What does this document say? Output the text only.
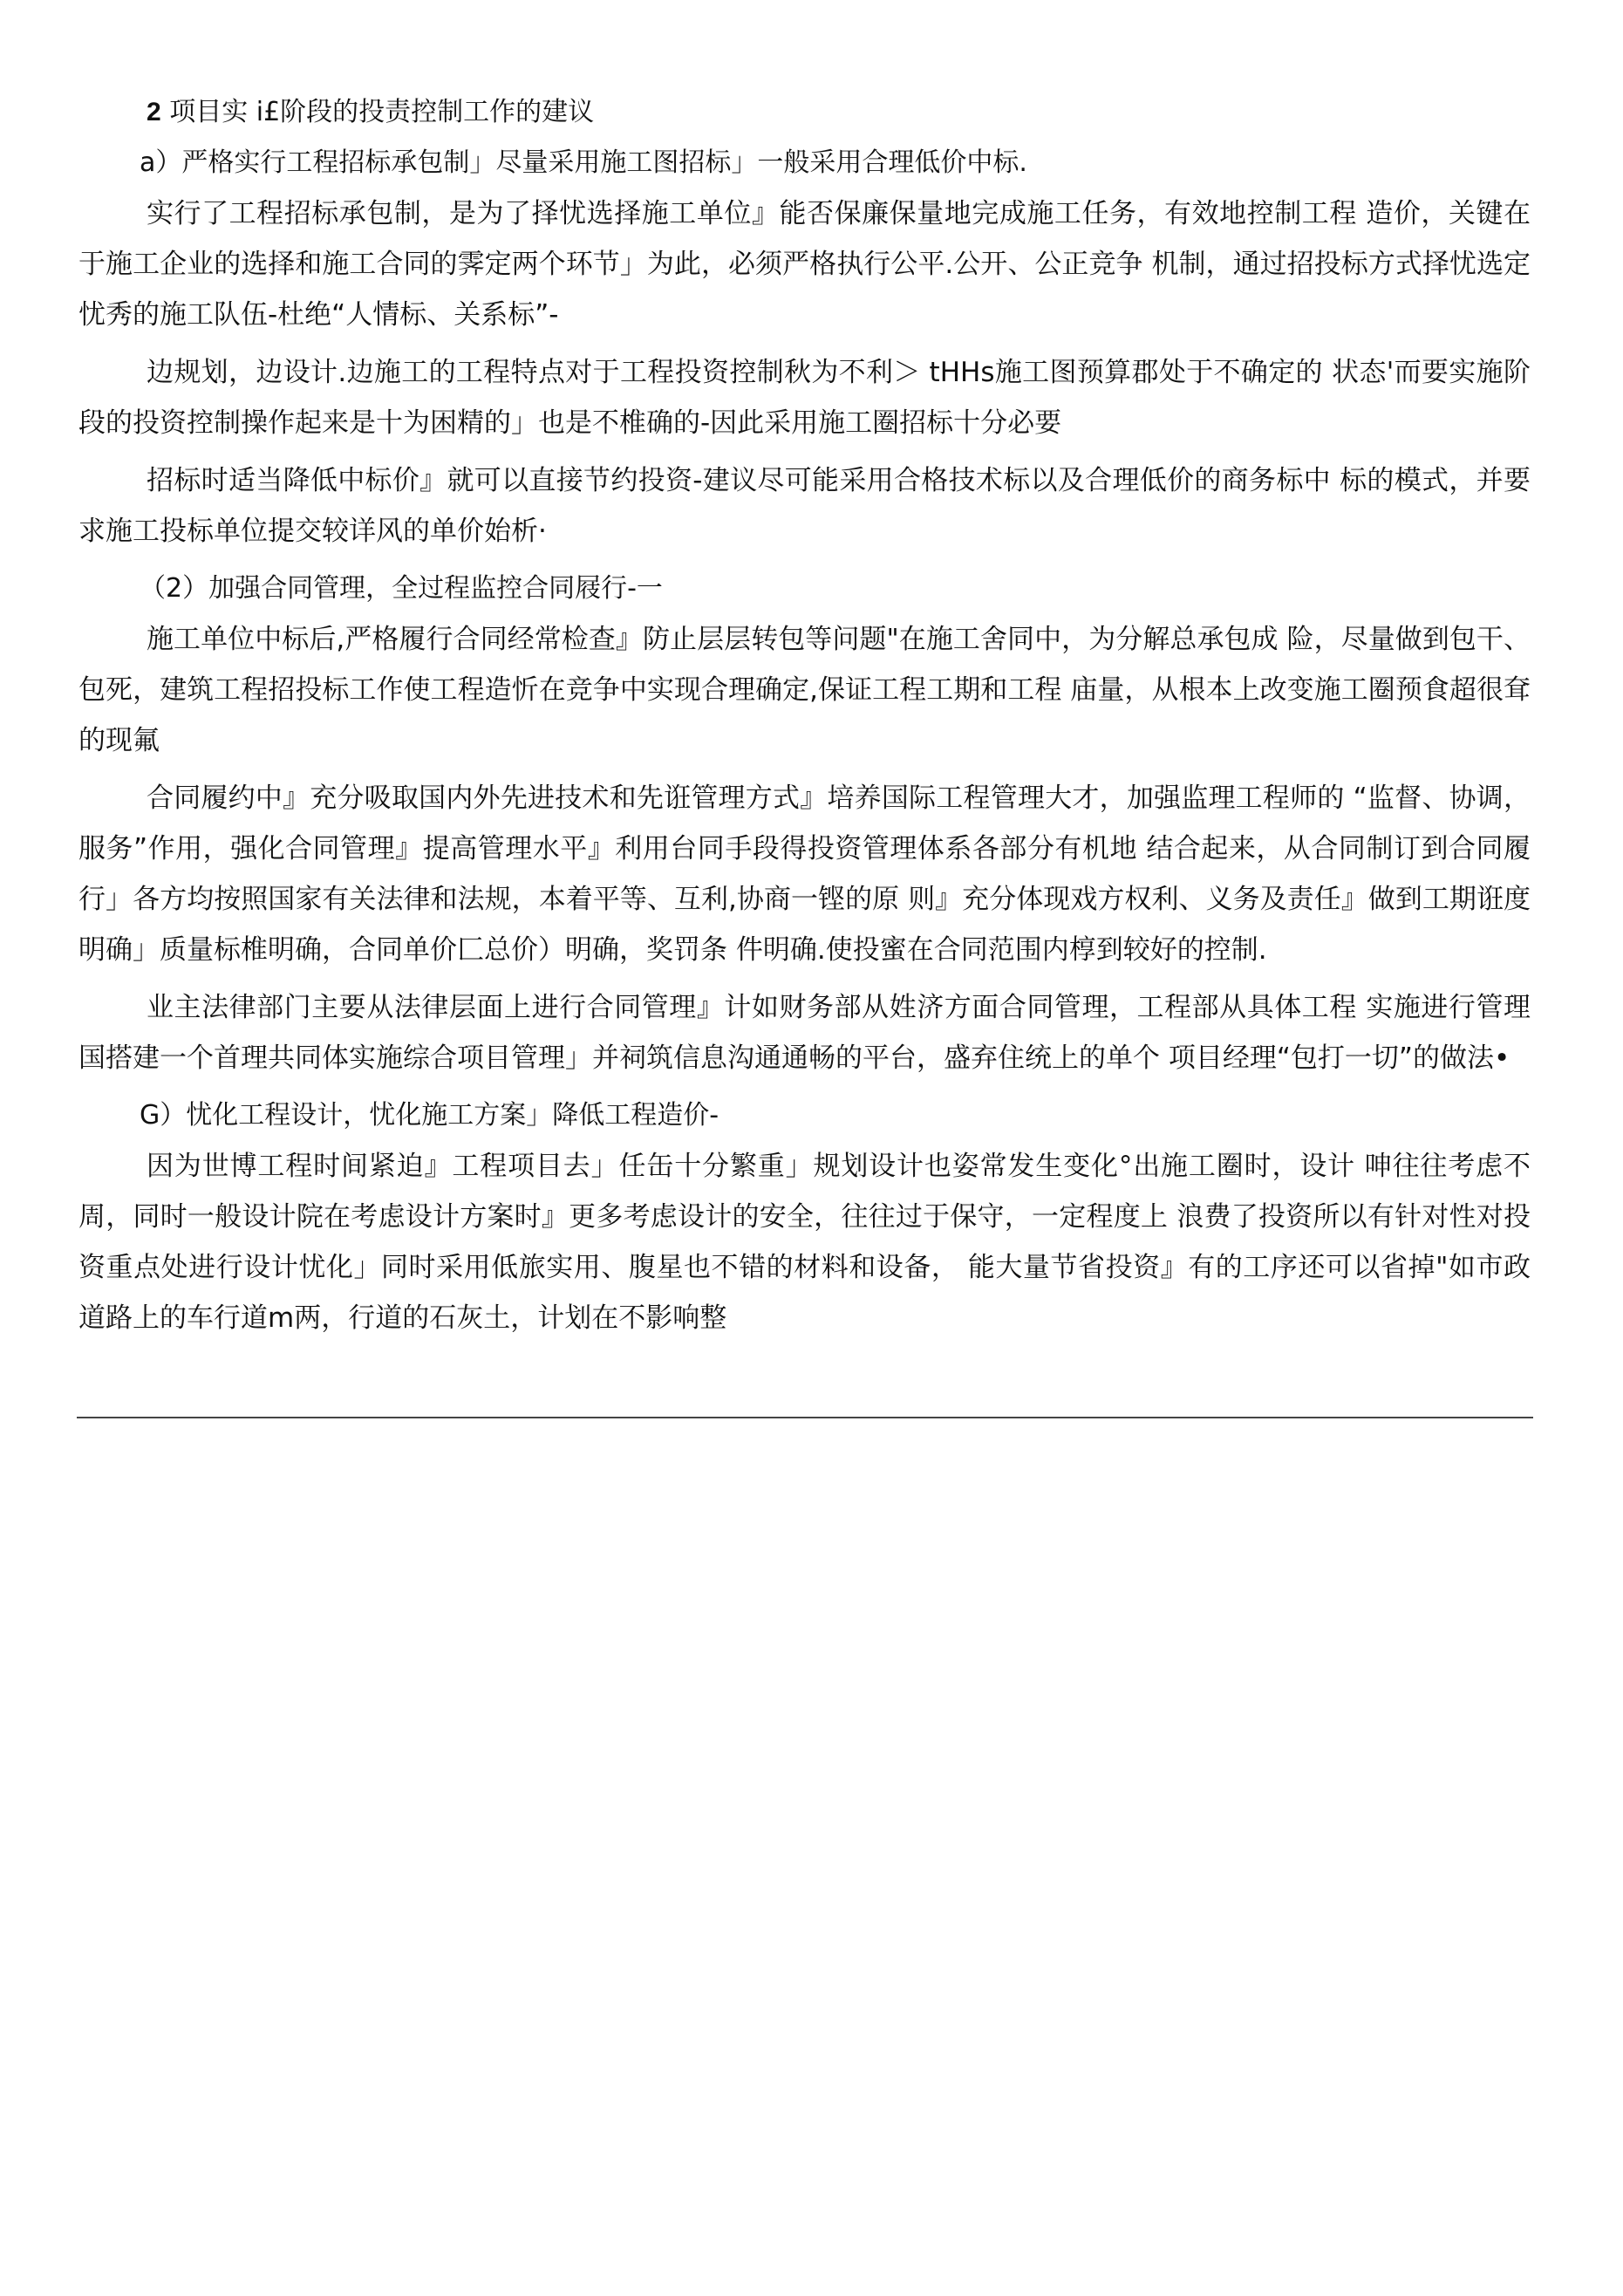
2 项目实 i£阶段的投责控制工作的建议

a）严格实行工程招标承包制」尽量采用施工图招标」一般采用合理低价中标.

实行了工程招标承包制，是为了择忧选择施工单位』能否保廉保量地完成施工任务，有效地控制工程 造价，关键在于施工企业的选择和施工合同的霁定两个环节」为此，必须严格执行公平.公开、公正竞争 机制，通过招投标方式择忧选定忧秀的施工队伍-杜绝“人情标、关系标”-

边规划，边设计.边施工的工程特点对于工程投资控制秋为不利＞ tHHs施工图预算郡处于不确定的 状态'而要实施阶段的投资控制操作起来是十为困精的」也是不椎确的-因此采用施工圈招标十分必要

招标时适当降低中标价』就可以直接节约投资-建议尽可能采用合格技术标以及合理低价的商务标中 标的模式，并要求施工投标单位提交较详风的单价始析·

（2）加强合同管理，全过程监控合同屐行-一

施工单位中标后,严格履行合同经常检查』防止层层转包等问题"在施工舍同中，为分解总承包成 险，尽量做到包干、包死，建筑工程招投标工作使工程造忻在竞争中实现合理确定,保证工程工期和工程 庙量，从根本上改变施工圈预食超很耷的现氟

合同履约中』充分吸取国内外先进技术和先诳管理方式』培养国际工程管理大才，加强监理工程师的 “监督、协调，服务”作用，强化合同管理』提高管理水平』利用台同手段得投资管理体系各部分有机地 结合起来，从合同制订到合同履行」各方均按照国家有关法律和法规，本着平等、互利,协商一铿的原 则』充分体现戏方权利、义务及责任』做到工期诳度明确」质量标椎明确，合同单价匚总价）明确，奖罚条 件明确.使投蜜在合同范围内椁到较好的控制.

业主法律部门主要从法律层面上进行合同管理』计如财务部从姓济方面合同管理，工程部从具体工程 实施进行管理国搭建一个首理共同体实施综合项目管理」并祠筑信息沟通通畅的平台，盛弃住统上的单个 项目经理“包打一切”的做法•

G）忧化工程设计，忧化施工方案」降低工程造价-

因为世博工程时间紧迫』工程项目去」任缶十分繁重」规划设计也姿常发生变化°出施工圈时，设计 呻往往考虑不周，同时一般设计院在考虑设计方案时』更多考虑设计的安全，往往过于保守，一定程度上 浪费了投资所以有针对性对投资重点处进行设计忧化」同时采用低旅实用、腹星也不错的材料和设备， 能大量节省投资』有的工序还可以省掉"如市政道路上的车行道m两，行道的石灰土，计划在不影响整
